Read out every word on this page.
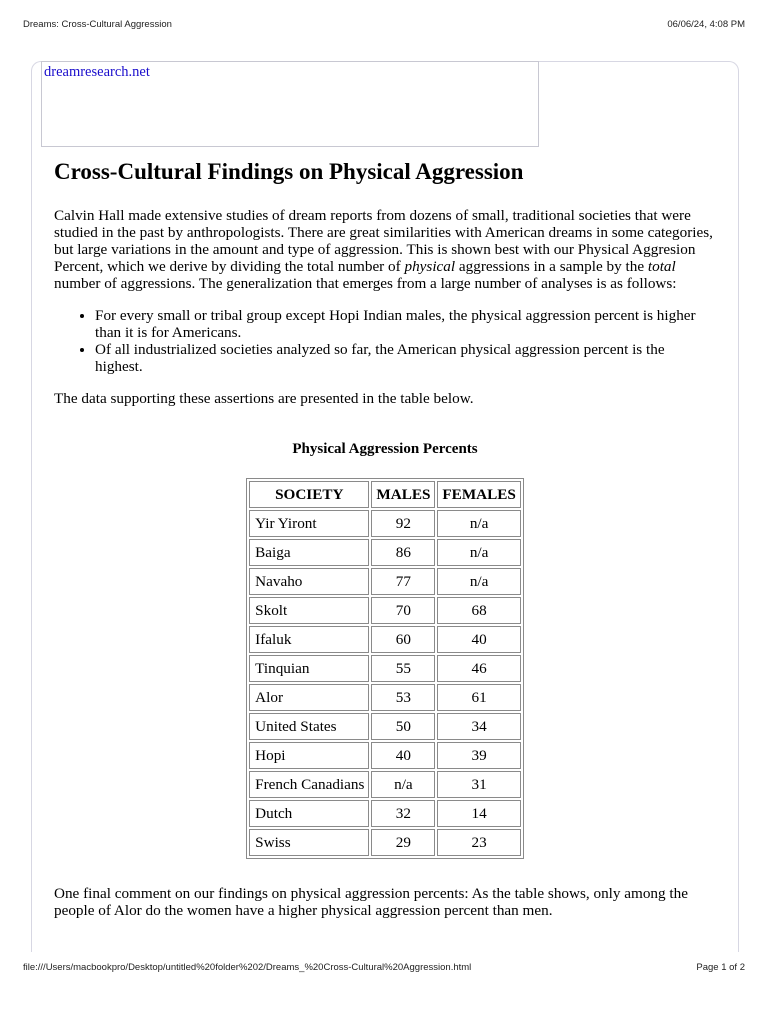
Dreams: Cross-Cultural Aggression	06/06/24, 4:08 PM
dreamresearch.net
Cross-Cultural Findings on Physical Aggression

Calvin Hall made extensive studies of dream reports from dozens of small, traditional societies that were studied in the past by anthropologists. There are great similarities with American dreams in some categories, but large variations in the amount and type of aggression. This is shown best with our Physical Aggresion Percent, which we derive by dividing the total number of physical aggressions in a sample by the total number of aggressions. The generalization that emerges from a large number of analyses is as follows:

• For every small or tribal group except Hopi Indian males, the physical aggression percent is higher than it is for Americans.
• Of all industrialized societies analyzed so far, the American physical aggression percent is the highest.

The data supporting these assertions are presented in the table below.

Physical Aggression Percents
SOCIETY	MALES	FEMALES
Yir Yiront	92	n/a
Baiga	86	n/a
Navaho	77	n/a
Skolt	70	68
Ifaluk	60	40
Tinquian	55	46
Alor	53	61
United States	50	34
Hopi	40	39
French Canadians	n/a	31
Dutch	32	14
Swiss	29	23

One final comment on our findings on physical aggression percents: As the table shows, only among the people of Alor do the women have a higher physical aggression percent than men.

file:///Users/macbookpro/Desktop/untitled%20folder%202/Dreams_%20Cross-Cultural%20Aggression.html	Page 1 of 2
